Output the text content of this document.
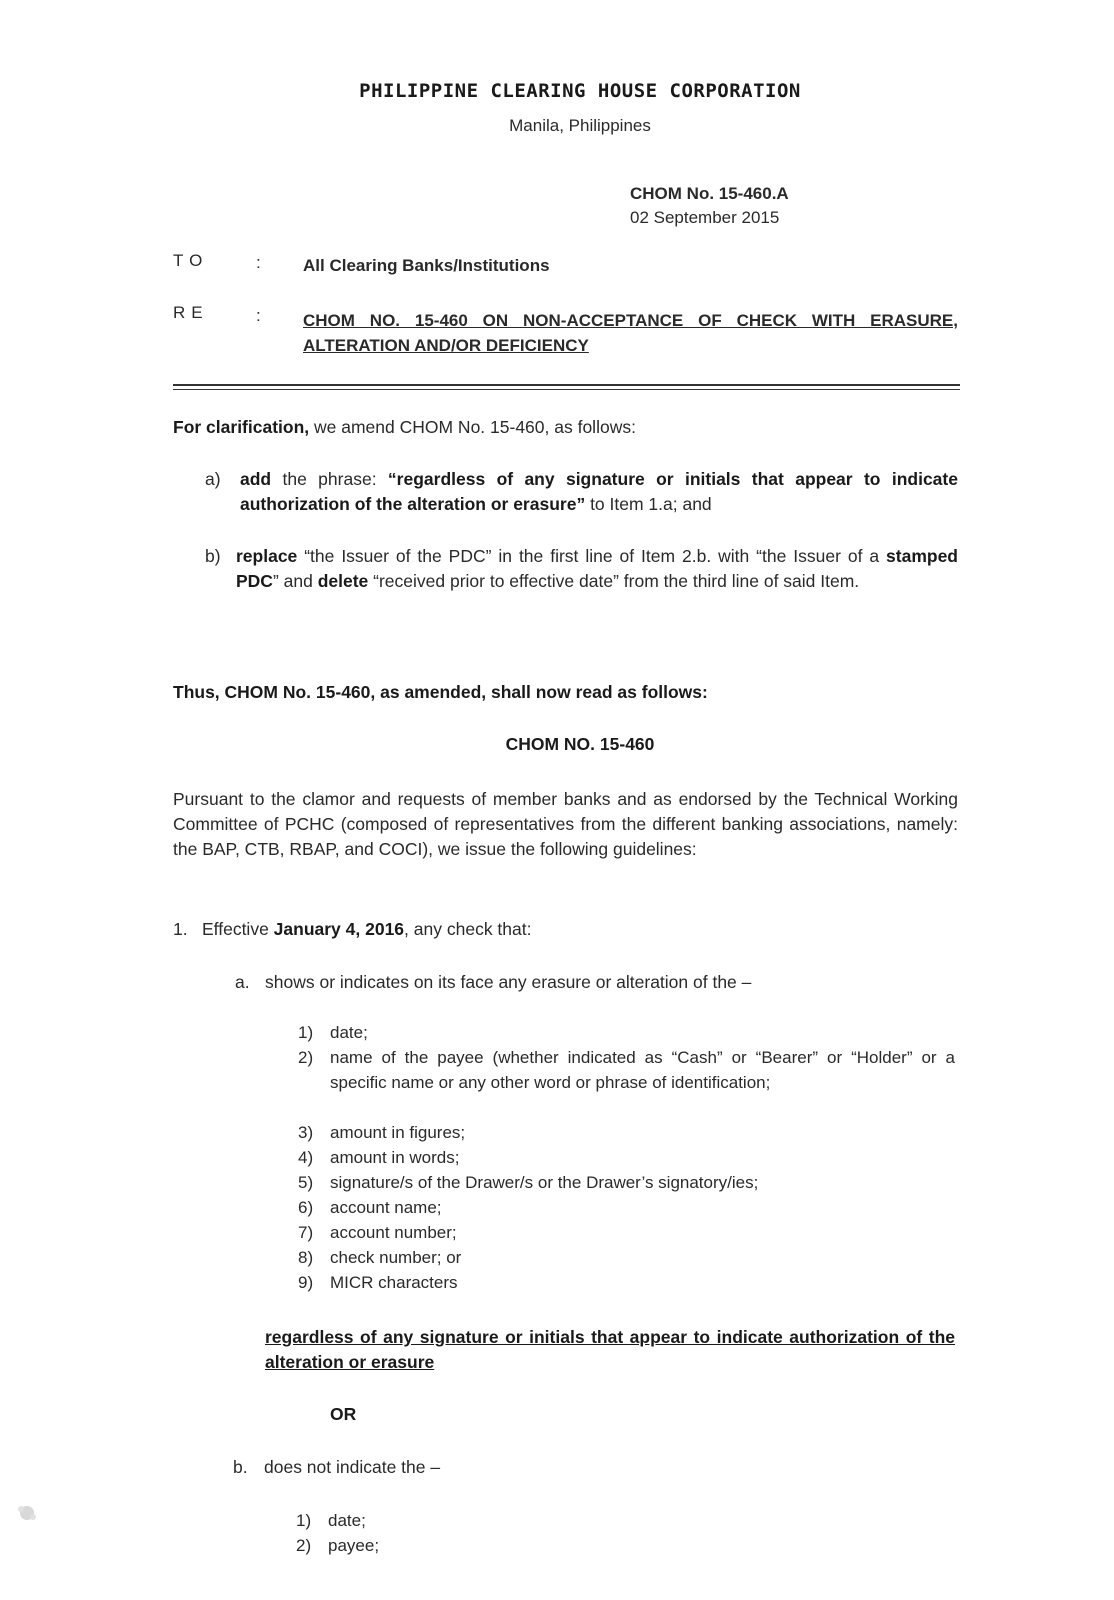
PHILIPPINE CLEARING HOUSE CORPORATION
Manila, Philippines
CHOM No. 15-460.A
02 September 2015
TO	: All Clearing Banks/Institutions
RE	: CHOM NO. 15-460 ON NON-ACCEPTANCE OF CHECK WITH ERASURE, ALTERATION AND/OR DEFICIENCY

For clarification, we amend CHOM No. 15-460, as follows:

a) add the phrase: “regardless of any signature or initials that appear to indicate authorization of the alteration or erasure” to Item 1.a; and

b) replace “the Issuer of the PDC” in the first line of Item 2.b. with “the Issuer of a stamped PDC” and delete “received prior to effective date” from the third line of said Item.

Thus, CHOM No. 15-460, as amended, shall now read as follows:

CHOM NO. 15-460

Pursuant to the clamor and requests of member banks and as endorsed by the Technical Working Committee of PCHC (composed of representatives from the different banking associations, namely: the BAP, CTB, RBAP, and COCI), we issue the following guidelines:

1. Effective January 4, 2016, any check that:

a. shows or indicates on its face any erasure or alteration of the –
1) date;
2) name of the payee (whether indicated as “Cash” or “Bearer” or “Holder” or a specific name or any other word or phrase of identification;
3) amount in figures;
4) amount in words;
5) signature/s of the Drawer/s or the Drawer’s signatory/ies;
6) account name;
7) account number;
8) check number; or
9) MICR characters

regardless of any signature or initials that appear to indicate authorization of the alteration or erasure

OR
b. does not indicate the –
1) date;
2) payee;
